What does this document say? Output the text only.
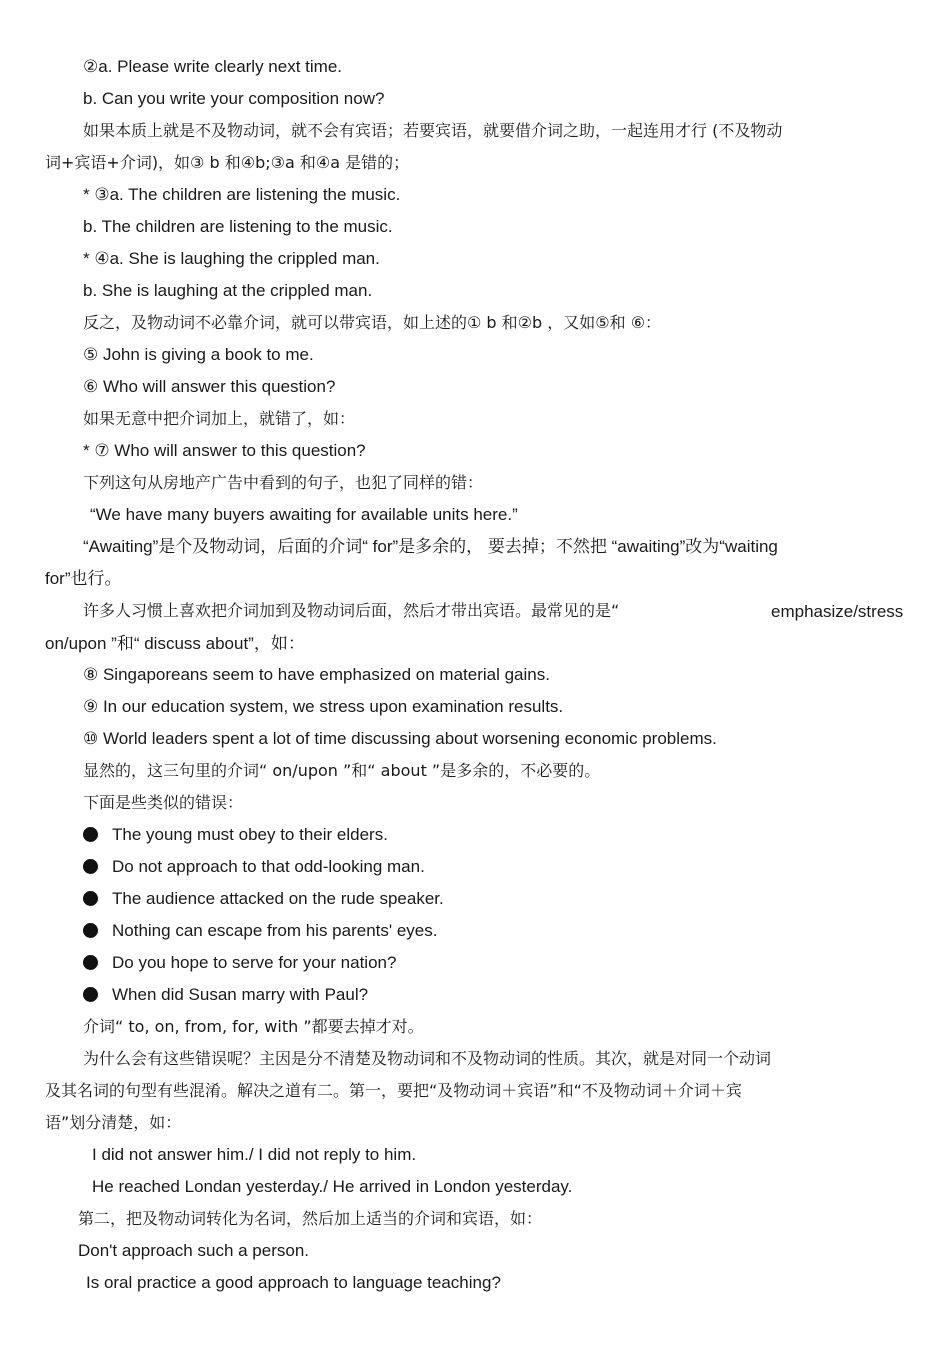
②a. Please write clearly next time.
b. Can you write your composition now?
如果本质上就是不及物动词，就不会有宾语；若要宾语，就要借介词之助，一起连用才行 (不及物动
词+宾语+介词)，如③ b 和④b;③a 和④a 是错的；
* ③a. The children are listening the music.
b. The children are listening to the music.
* ④a. She is laughing the crippled man.
b. She is laughing at the crippled man.
反之，及物动词不必靠介词，就可以带宾语，如上述的① b 和②b ，又如⑤和 ⑥：
⑤ John is giving a book to me.
⑥ Who will answer this question?
如果无意中把介词加上，就错了，如：
* ⑦ Who will answer to this question?
下列这句从房地产广告中看到的句子，也犯了同样的错：
“We have many buyers awaiting for available units here.”
“Awaiting”是个及物动词，后面的介词“ for”是多余的， 要去掉；不然把 “awaiting”改为“waiting
for”也行。
许多人习惯上喜欢把介词加到及物动词后面，然后才带出宾语。最常见的是“	emphasize/stress
on/upon ”和“ discuss about”，如：
⑧ Singaporeans seem to have emphasized on material gains.
⑨ In our education system, we stress upon examination results.
⑩ World leaders spent a lot of time discussing about worsening economic problems.
显然的，这三句里的介词“ on/upon ”和“ about ”是多余的，不必要的。
下面是些类似的错误：
The young must obey to their elders.
Do not approach to that odd-looking man.
The audience attacked on the rude speaker.
Nothing can escape from his parents' eyes.
Do you hope to serve for your nation?
When did Susan marry with Paul?
介词“ to, on, from, for, with ”都要去掉才对。
为什么会有这些错误呢？主因是分不清楚及物动词和不及物动词的性质。其次，就是对同一个动词
及其名词的句型有些混淆。解决之道有二。第一，要把“及物动词＋宾语”和“不及物动词＋介词＋宾
语”划分清楚，如：
I did not answer him./ I did not reply to him.
He reached Londan yesterday./ He arrived in London yesterday.
第二，把及物动词转化为名词，然后加上适当的介词和宾语，如：
Don't approach such a person.
Is oral practice a good approach to language teaching?
